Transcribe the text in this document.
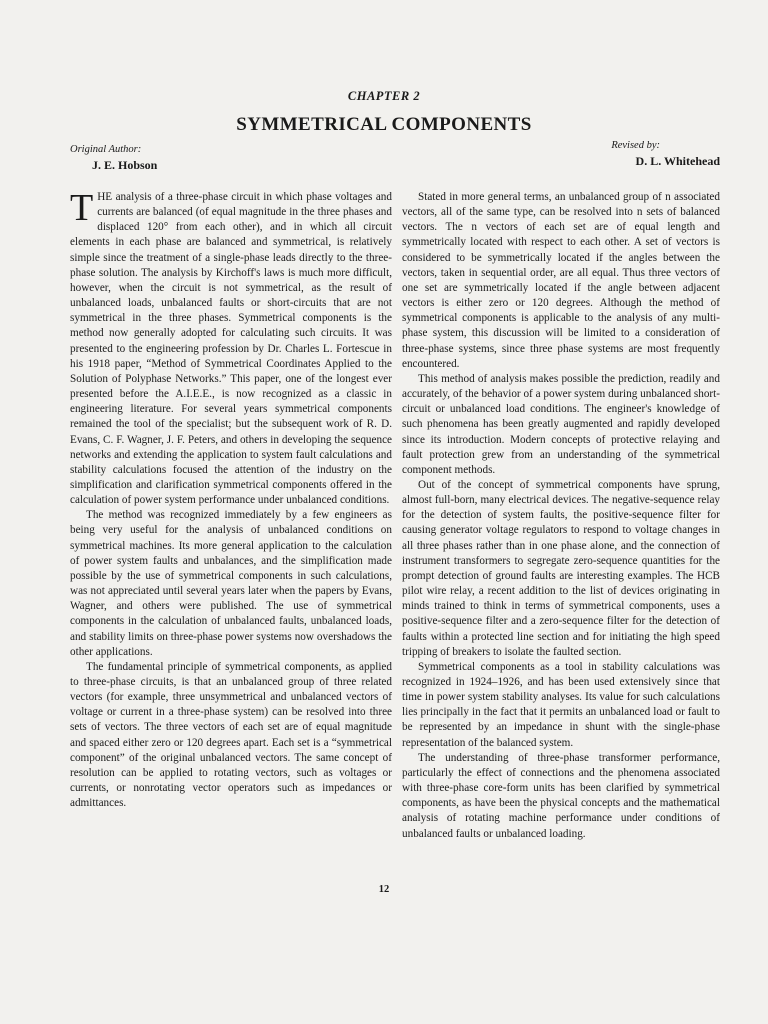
CHAPTER 2
SYMMETRICAL COMPONENTS
Original Author:
J. E. Hobson
Revised by:
D. L. Whitehead

THE analysis of a three-phase circuit in which phase voltages and currents are balanced (of equal magnitude in the three phases and displaced 120° from each other), and in which all circuit elements in each phase are balanced and symmetrical, is relatively simple since the treatment of a single-phase leads directly to the three-phase solution. The analysis by Kirchoff's laws is much more difficult, however, when the circuit is not symmetrical, as the result of unbalanced loads, unbalanced faults or short-circuits that are not symmetrical in the three phases. Symmetrical components is the method now generally adopted for calculating such circuits. It was presented to the engineering profession by Dr. Charles L. Fortescue in his 1918 paper, “Method of Symmetrical Coordinates Applied to the Solution of Polyphase Networks.” This paper, one of the longest ever presented before the A.I.E.E., is now recognized as a classic in engineering literature. For several years symmetrical components remained the tool of the specialist; but the subsequent work of R. D. Evans, C. F. Wagner, J. F. Peters, and others in developing the sequence networks and extending the application to system fault calculations and stability calculations focused the attention of the industry on the simplification and clarification symmetrical components offered in the calculation of power system performance under unbalanced conditions.

The method was recognized immediately by a few engineers as being very useful for the analysis of unbalanced conditions on symmetrical machines. Its more general application to the calculation of power system faults and unbalances, and the simplification made possible by the use of symmetrical components in such calculations, was not appreciated until several years later when the papers by Evans, Wagner, and others were published. The use of symmetrical components in the calculation of unbalanced faults, unbalanced loads, and stability limits on three-phase power systems now overshadows the other applications.

The fundamental principle of symmetrical components, as applied to three-phase circuits, is that an unbalanced group of three related vectors (for example, three unsymmetrical and unbalanced vectors of voltage or current in a three-phase system) can be resolved into three sets of vectors. The three vectors of each set are of equal magnitude and spaced either zero or 120 degrees apart. Each set is a “symmetrical component” of the original unbalanced vectors. The same concept of resolution can be applied to rotating vectors, such as voltages or currents, or nonrotating vector operators such as impedances or admittances.

Stated in more general terms, an unbalanced group of n associated vectors, all of the same type, can be resolved into n sets of balanced vectors. The n vectors of each set are of equal length and symmetrically located with respect to each other. A set of vectors is considered to be symmetrically located if the angles between the vectors, taken in sequential order, are all equal. Thus three vectors of one set are symmetrically located if the angle between adjacent vectors is either zero or 120 degrees. Although the method of symmetrical components is applicable to the analysis of any multi-phase system, this discussion will be limited to a consideration of three-phase systems, since three phase systems are most frequently encountered.

This method of analysis makes possible the prediction, readily and accurately, of the behavior of a power system during unbalanced short-circuit or unbalanced load conditions. The engineer's knowledge of such phenomena has been greatly augmented and rapidly developed since its introduction. Modern concepts of protective relaying and fault protection grew from an understanding of the symmetrical component methods.

Out of the concept of symmetrical components have sprung, almost full-born, many electrical devices. The negative-sequence relay for the detection of system faults, the positive-sequence filter for causing generator voltage regulators to respond to voltage changes in all three phases rather than in one phase alone, and the connection of instrument transformers to segregate zero-sequence quantities for the prompt detection of ground faults are interesting examples. The HCB pilot wire relay, a recent addition to the list of devices originating in minds trained to think in terms of symmetrical components, uses a positive-sequence filter and a zero-sequence filter for the detection of faults within a protected line section and for initiating the high speed tripping of breakers to isolate the faulted section.

Symmetrical components as a tool in stability calculations was recognized in 1924–1926, and has been used extensively since that time in power system stability analyses. Its value for such calculations lies principally in the fact that it permits an unbalanced load or fault to be represented by an impedance in shunt with the single-phase representation of the balanced system.

The understanding of three-phase transformer performance, particularly the effect of connections and the phenomena associated with three-phase core-form units has been clarified by symmetrical components, as have been the physical concepts and the mathematical analysis of rotating machine performance under conditions of unbalanced faults or unbalanced loading.

12
